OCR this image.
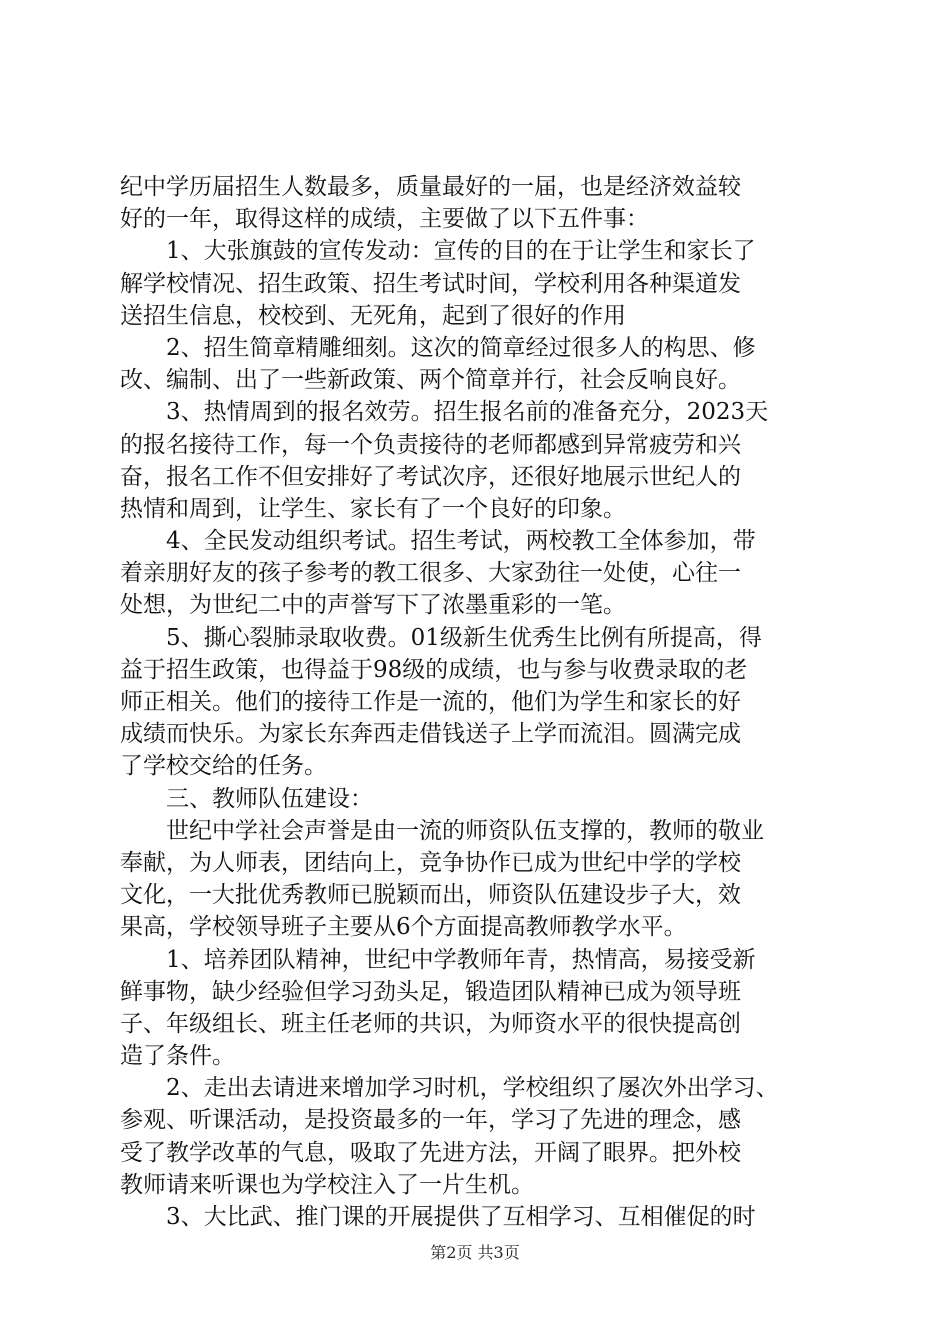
纪中学历届招生人数最多，质量最好的一届，也是经济效益较
好的一年，取得这样的成绩，主要做了以下五件事：
1、大张旗鼓的宣传发动：宣传的目的在于让学生和家长了
解学校情况、招生政策、招生考试时间，学校利用各种渠道发
送招生信息，校校到、无死角，起到了很好的作用
2、招生简章精雕细刻。这次的简章经过很多人的构思、修
改、编制、出了一些新政策、两个简章并行，社会反响良好。
3、热情周到的报名效劳。招生报名前的准备充分，2023天
的报名接待工作，每一个负责接待的老师都感到异常疲劳和兴
奋，报名工作不但安排好了考试次序，还很好地展示世纪人的
热情和周到，让学生、家长有了一个良好的印象。
4、全民发动组织考试。招生考试，两校教工全体参加，带
着亲朋好友的孩子参考的教工很多、大家劲往一处使，心往一
处想，为世纪二中的声誉写下了浓墨重彩的一笔。
5、撕心裂肺录取收费。01级新生优秀生比例有所提高，得
益于招生政策，也得益于98级的成绩，也与参与收费录取的老
师正相关。他们的接待工作是一流的，他们为学生和家长的好
成绩而快乐。为家长东奔西走借钱送子上学而流泪。圆满完成
了学校交给的任务。
三、教师队伍建设：
世纪中学社会声誉是由一流的师资队伍支撑的，教师的敬业
奉献，为人师表，团结向上，竞争协作已成为世纪中学的学校
文化，一大批优秀教师已脱颖而出，师资队伍建设步子大，效
果高，学校领导班子主要从6个方面提高教师教学水平。
1、培养团队精神，世纪中学教师年青，热情高，易接受新
鲜事物，缺少经验但学习劲头足，锻造团队精神已成为领导班
子、年级组长、班主任老师的共识，为师资水平的很快提高创
造了条件。
2、走出去请进来增加学习时机，学校组织了屡次外出学习、
参观、听课活动，是投资最多的一年，学习了先进的理念，感
受了教学改革的气息，吸取了先进方法，开阔了眼界。把外校
教师请来听课也为学校注入了一片生机。
3、大比武、推门课的开展提供了互相学习、互相催促的时
第2页 共3页
